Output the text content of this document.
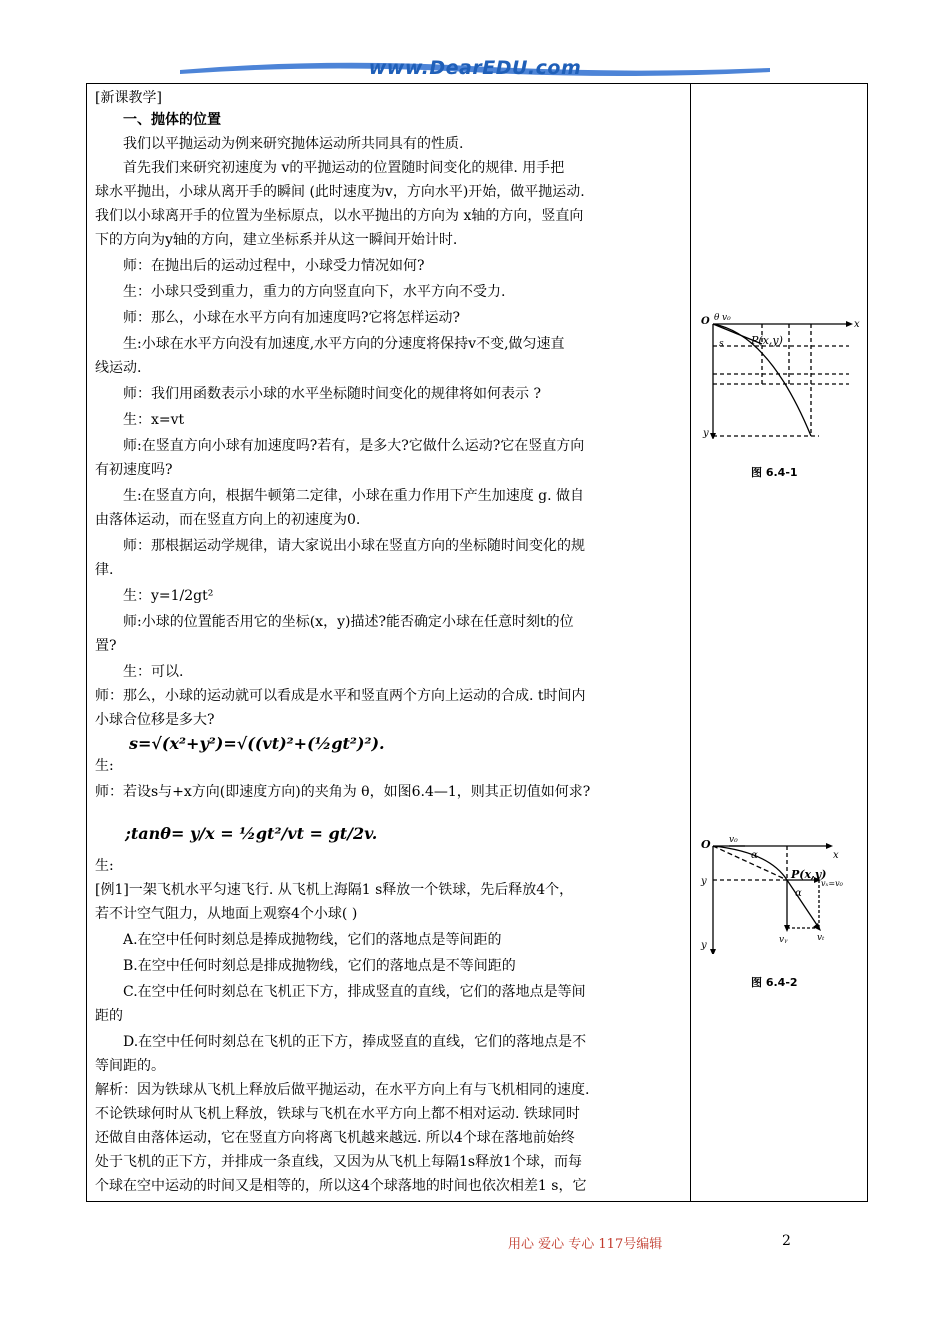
www.DearEDU.com
[新课教学]
一、抛体的位置
我们以平抛运动为例来研究抛体运动所共同具有的性质.
首先我们来研究初速度为 v的平抛运动的位置随时间变化的规律. 用手把
球水平抛出，小球从离开手的瞬间 (此时速度为v，方向水平)开始，做平抛运动.
我们以小球离开手的位置为坐标原点，以水平抛出的方向为 x轴的方向，竖直向
下的方向为y轴的方向，建立坐标系并从这一瞬间开始计时.
师：在抛出后的运动过程中，小球受力情况如何?
生：小球只受到重力，重力的方向竖直向下，水平方向不受力.
师：那么，小球在水平方向有加速度吗?它将怎样运动?
生:小球在水平方向没有加速度,水平方向的分速度将保持v不变,做匀速直
线运动.
师：我们用函数表示小球的水平坐标随时间变化的规律将如何表示 ?
生：x=vt
师:在竖直方向小球有加速度吗?若有，是多大?它做什么运动?它在竖直方向
有初速度吗?
生:在竖直方向，根据牛顿第二定律，小球在重力作用下产生加速度 g. 做自
由落体运动，而在竖直方向上的初速度为0.
师：那根据运动学规律，请大家说出小球在竖直方向的坐标随时间变化的规
律.
生：y=1/2gt²
师:小球的位置能否用它的坐标(x，y)描述?能否确定小球在任意时刻t的位
置?
生：可以.
师：那么，小球的运动就可以看成是水平和竖直两个方向上运动的合成. t时间内
小球合位移是多大?
s=√(x²+y²)=√((vt)²+(½gt²)²).
生:
师：若设s与+x方向(即速度方向)的夹角为 θ，如图6.4—1，则其正切值如何求?
;tanθ= y/x = ½gt²/vt = gt/2v.
生:
[例1]一架飞机水平匀速飞行. 从飞机上海隔1 s释放一个铁球，先后释放4个，
若不计空气阻力，从地面上观察4个小球( )
A.在空中任何时刻总是捧成抛物线，它们的落地点是等间距的
B.在空中任何时刻总是排成抛物线，它们的落地点是不等间距的
C.在空中任何时刻总在飞机正下方，排成竖直的直线，它们的落地点是等间
距的
D.在空中任何时刻总在飞机的正下方，捧成竖直的直线，它们的落地点是不
等间距的。
解析：因为铁球从飞机上释放后做平抛运动，在水平方向上有与飞机相同的速度.
不论铁球何时从飞机上释放，铁球与飞机在水平方向上都不相对运动. 铁球同时
还做自由落体运动，它在竖直方向将离飞机越来越远. 所以4个球在落地前始终
处于飞机的正下方，并排成一条直线，又因为从飞机上每隔1s释放1个球，而每
个球在空中运动的时间又是相等的，所以这4个球落地的时间也依次相差1 s，它

O θ v₀
x
s P(x,y)
y
图 6.4-1
O v₀
α	x
y
P(x,y)
vₓ=v₀
α
vᵧ	vₜ
y
图 6.4-2
用心 爱心 专心 117号编辑	2
